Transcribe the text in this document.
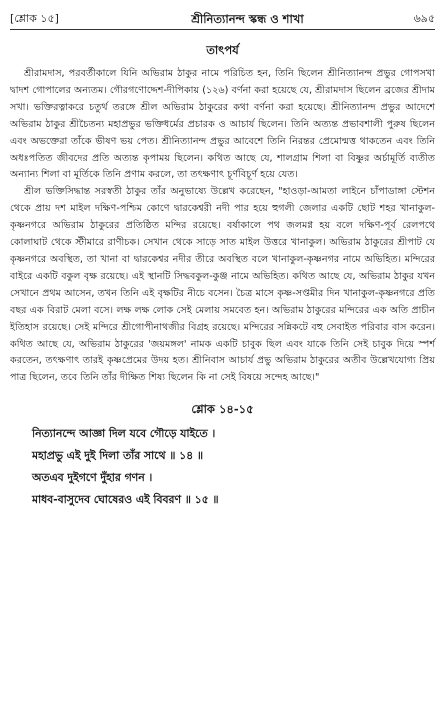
[শ্লোক ১৫]	শ্রীনিত্যানন্দ স্কন্ধ ও শাখা	৬৯৫
তাৎপর্য

শ্রীরামদাস, পরবর্তীকালে যিনি অভিরাম ঠাকুর নামে পরিচিত হন, তিনি ছিলেন শ্রীনিত্যানন্দ প্রভুর গোপসখা দ্বাদশ গোপালের অন্যতম। গৌরগণোদ্দেশ-দীপিকায় (১২৬) বর্ণনা করা হয়েছে যে, শ্রীরামদাস ছিলেন ব্রজের শ্রীদাম সখা। ভক্তিরত্নাকরে চতুর্থ তরঙ্গে শ্রীল অভিরাম ঠাকুরের কথা বর্ণনা করা হয়েছে। শ্রীনিত্যানন্দ প্রভুর আদেশে অভিরাম ঠাকুর শ্রীচৈতন্য মহাপ্রভুর ভক্তিধর্মের প্রচারক ও আচার্য ছিলেন। তিনি অত্যন্ত প্রভাবশালী পুরুষ ছিলেন এবং অভক্তেরা তাঁকে ভীষণ ভয় পেত। শ্রীনিত্যানন্দ প্রভুর আবেশে তিনি নিরন্তর প্রেমোন্মত্ত থাকতেন এবং তিনি অধঃপতিত জীবদের প্রতি অত্যন্ত কৃপাময় ছিলেন। কথিত আছে যে, শালগ্রাম শিলা বা বিষ্ণুর অর্চামূর্তি ব্যতীত অন্যান্য শিলা বা মূর্তিকে তিনি প্রণাম করলে, তা তৎক্ষণাৎ চূর্ণবিচূর্ণ হয়ে যেত।

শ্রীল ভক্তিসিদ্ধান্ত সরস্বতী ঠাকুর তাঁর অনুভাষ্যে উল্লেখ করেছেন, "হাওড়া-আমতা লাইনে চাঁপাডাঙ্গা স্টেশন থেকে প্রায় দশ মাইল দক্ষিণ-পশ্চিম কোণে দ্বারকেশ্বরী নদী পার হয়ে হুগলী জেলার একটি ছোট শহর খানাকুল-কৃষ্ণনগরে অভিরাম ঠাকুরের প্রতিষ্ঠিত মন্দির রয়েছে। বর্ষাকালে পথ জলমগ্ন হয় বলে দক্ষিণ-পূর্ব রেলপথে কোলাঘাট থেকে স্টীমারে রাণীচক। সেখান থেকে সাড়ে সাত মাইল উত্তরে খানাকুল। অভিরাম ঠাকুরের শ্রীপাট যে কৃষ্ণনগরে অবস্থিত, তা খানা বা দ্বারকেশ্বর নদীর তীরে অবস্থিত বলে খানাকুল-কৃষ্ণনগর নামে অভিহিত। মন্দিরের বাইরে একটি বকুল বৃক্ষ রয়েছে। এই স্থানটি সিদ্ধবকুল-কুঞ্জ নামে অভিহিত। কথিত আছে যে, অভিরাম ঠাকুর যখন সেখানে প্রথম আসেন, তখন তিনি এই বৃক্ষটির নীচে বসেন। চৈত্র মাসে কৃষ্ণ-সপ্তমীর দিন খানাকুল-কৃষ্ণনগরে প্রতি বছর এক বিরাট মেলা বসে। লক্ষ লক্ষ লোক সেই মেলায় সমবেত হন। অভিরাম ঠাকুরের মন্দিরের এক অতি প্রাচীন ইতিহাস রয়েছে। সেই মন্দিরে শ্রীগোপীনাথজীর বিগ্রহ রয়েছে। মন্দিরের সন্নিকটে বহু সেবাইত পরিবার বাস করেন। কথিত আছে যে, অভিরাম ঠাকুরের 'জয়মঙ্গল' নামক একটি চাবুক ছিল এবং যাকে তিনি সেই চাবুক দিয়ে স্পর্শ করতেন, তৎক্ষণাৎ তারই কৃষ্ণপ্রেমের উদয় হত। শ্রীনিবাস আচার্য প্রভু অভিরাম ঠাকুরের অতীব উল্লেখযোগ্য প্রিয় পাত্র ছিলেন, তবে তিনি তাঁর দীক্ষিত শিষ্য ছিলেন কি না সেই বিষয়ে সন্দেহ আছে।"

শ্লোক ১৪-১৫

নিত্যানন্দে আজ্ঞা দিল যবে গৌড়ে যাইতে ।

মহাপ্রভু এই দুই দিলা তাঁর সাথে ॥ ১৪ ॥

অতএব দুইগণে দুঁহার গণন ।

মাধব-বাসুদেব ঘোষেরও এই বিবরণ ॥ ১৫ ॥
